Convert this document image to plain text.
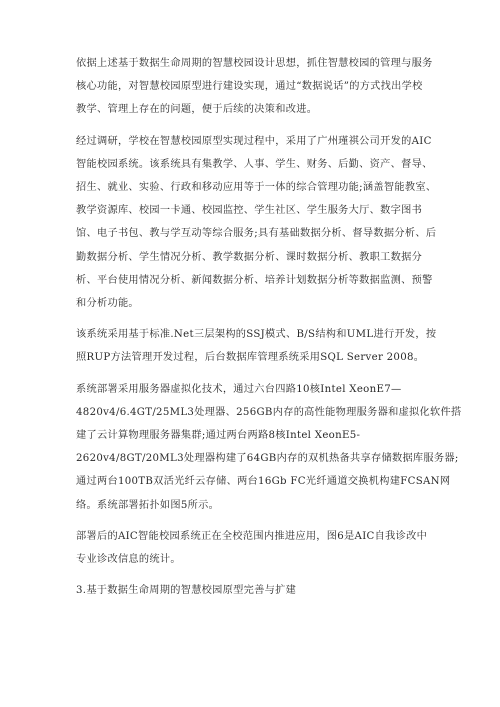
依据上述基于数据生命周期的智慧校园设计思想，抓住智慧校园的管理与服务
核心功能，对智慧校园原型进行建设实现，通过“数据说话”的方式找出学校
教学、管理上存在的问题，便于后续的决策和改进。
经过调研，学校在智慧校园原型实现过程中，采用了广州瑾祺公司开发的AIC
智能校园系统。该系统具有集教学、人事、学生、财务、后勤、资产、督导、
招生、就业、实验、行政和移动应用等于一体的综合管理功能;涵盖智能教室、
教学资源库、校园一卡通、校园监控、学生社区、学生服务大厅、数字图书
馆、电子书包、教与学互动等综合服务;具有基础数据分析、督导数据分析、后
勤数据分析、学生情况分析、教学数据分析、课时数据分析、教职工数据分
析、平台使用情况分析、新闻数据分析、培养计划数据分析等数据监测、预警
和分析功能。
该系统采用基于标准.Net三层架构的SSJ模式、B/S结构和UML进行开发，按
照RUP方法管理开发过程，后台数据库管理系统采用SQL Server 2008。
系统部署采用服务器虚拟化技术，通过六台四路10核Intel XeonE7—
4820v4/6.4GT/25ML3处理器、256GB内存的高性能物理服务器和虚拟化软件搭
建了云计算物理服务器集群;通过两台两路8核Intel XeonE5-
2620v4/8GT/20ML3处理器构建了64GB内存的双机热备共享存储数据库服务器;
通过两台100TB双活光纤云存储、两台16Gb FC光纤通道交换机构建FCSAN网
络。系统部署拓扑如图5所示。
部署后的AIC智能校园系统正在全校范围内推进应用，图6是AIC自我诊改中
专业诊改信息的统计。
3.基于数据生命周期的智慧校园原型完善与扩建
